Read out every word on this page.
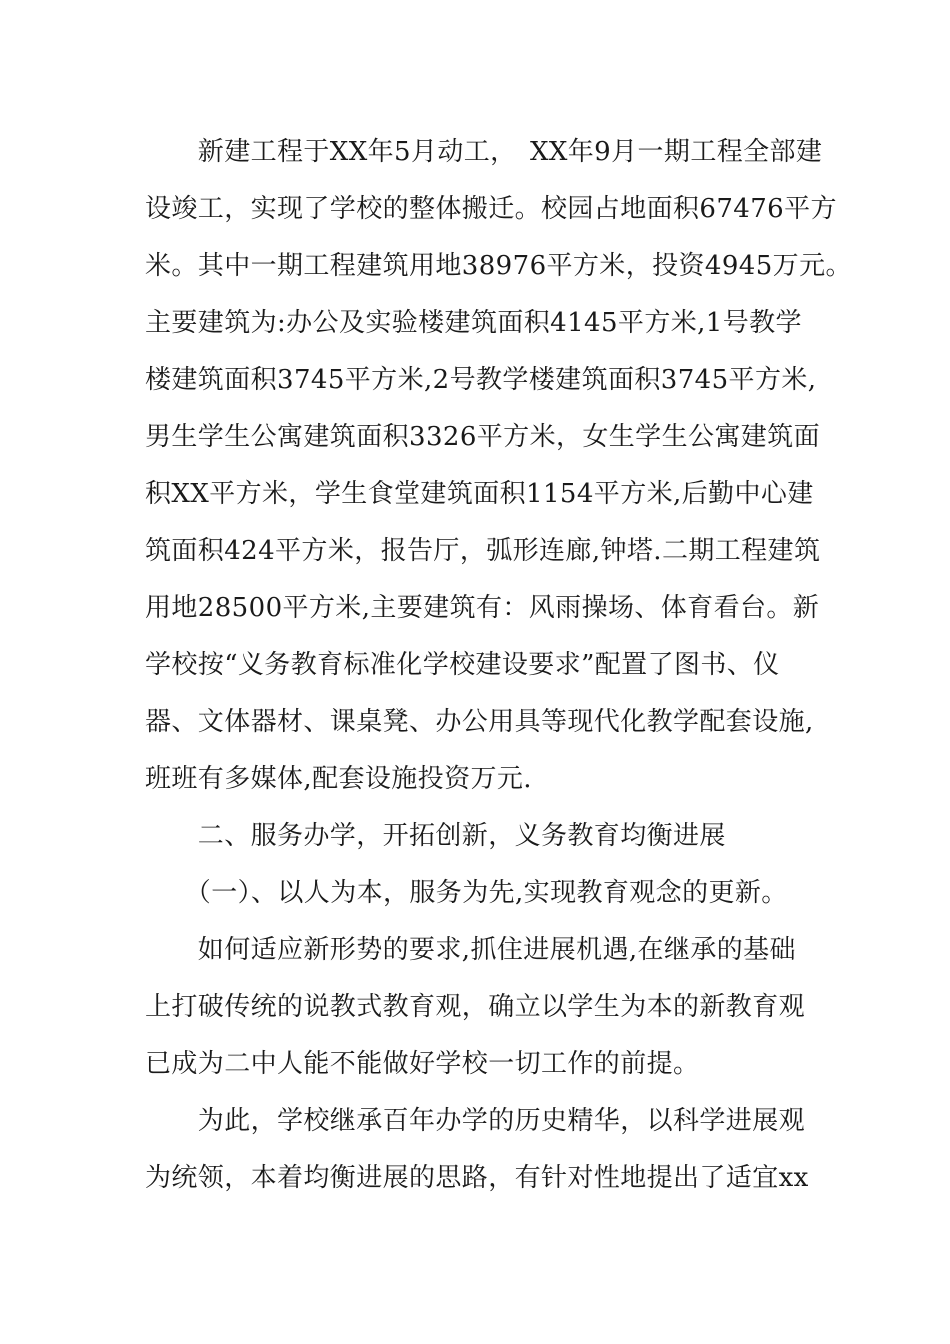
　　新建工程于XX年5月动工，　XX年9月一期工程全部建
设竣工，实现了学校的整体搬迁。校园占地面积67476平方
米。其中一期工程建筑用地38976平方米，投资4945万元。
主要建筑为:办公及实验楼建筑面积4145平方米,1号教学
楼建筑面积3745平方米,2号教学楼建筑面积3745平方米,
男生学生公寓建筑面积3326平方米，女生学生公寓建筑面
积XX平方米，学生食堂建筑面积1154平方米,后勤中心建
筑面积424平方米，报告厅，弧形连廊,钟塔.二期工程建筑
用地28500平方米,主要建筑有：风雨操场、体育看台。新
学校按“义务教育标准化学校建设要求”配置了图书、仪
器、文体器材、课桌凳、办公用具等现代化教学配套设施,
班班有多媒体,配套设施投资万元.
　　二、服务办学，开拓创新，义务教育均衡进展
　　（一）、以人为本，服务为先,实现教育观念的更新。
　　如何适应新形势的要求,抓住进展机遇,在继承的基础
上打破传统的说教式教育观，确立以学生为本的新教育观
已成为二中人能不能做好学校一切工作的前提。
　　为此，学校继承百年办学的历史精华，以科学进展观
为统领，本着均衡进展的思路，有针对性地提出了适宜xx
